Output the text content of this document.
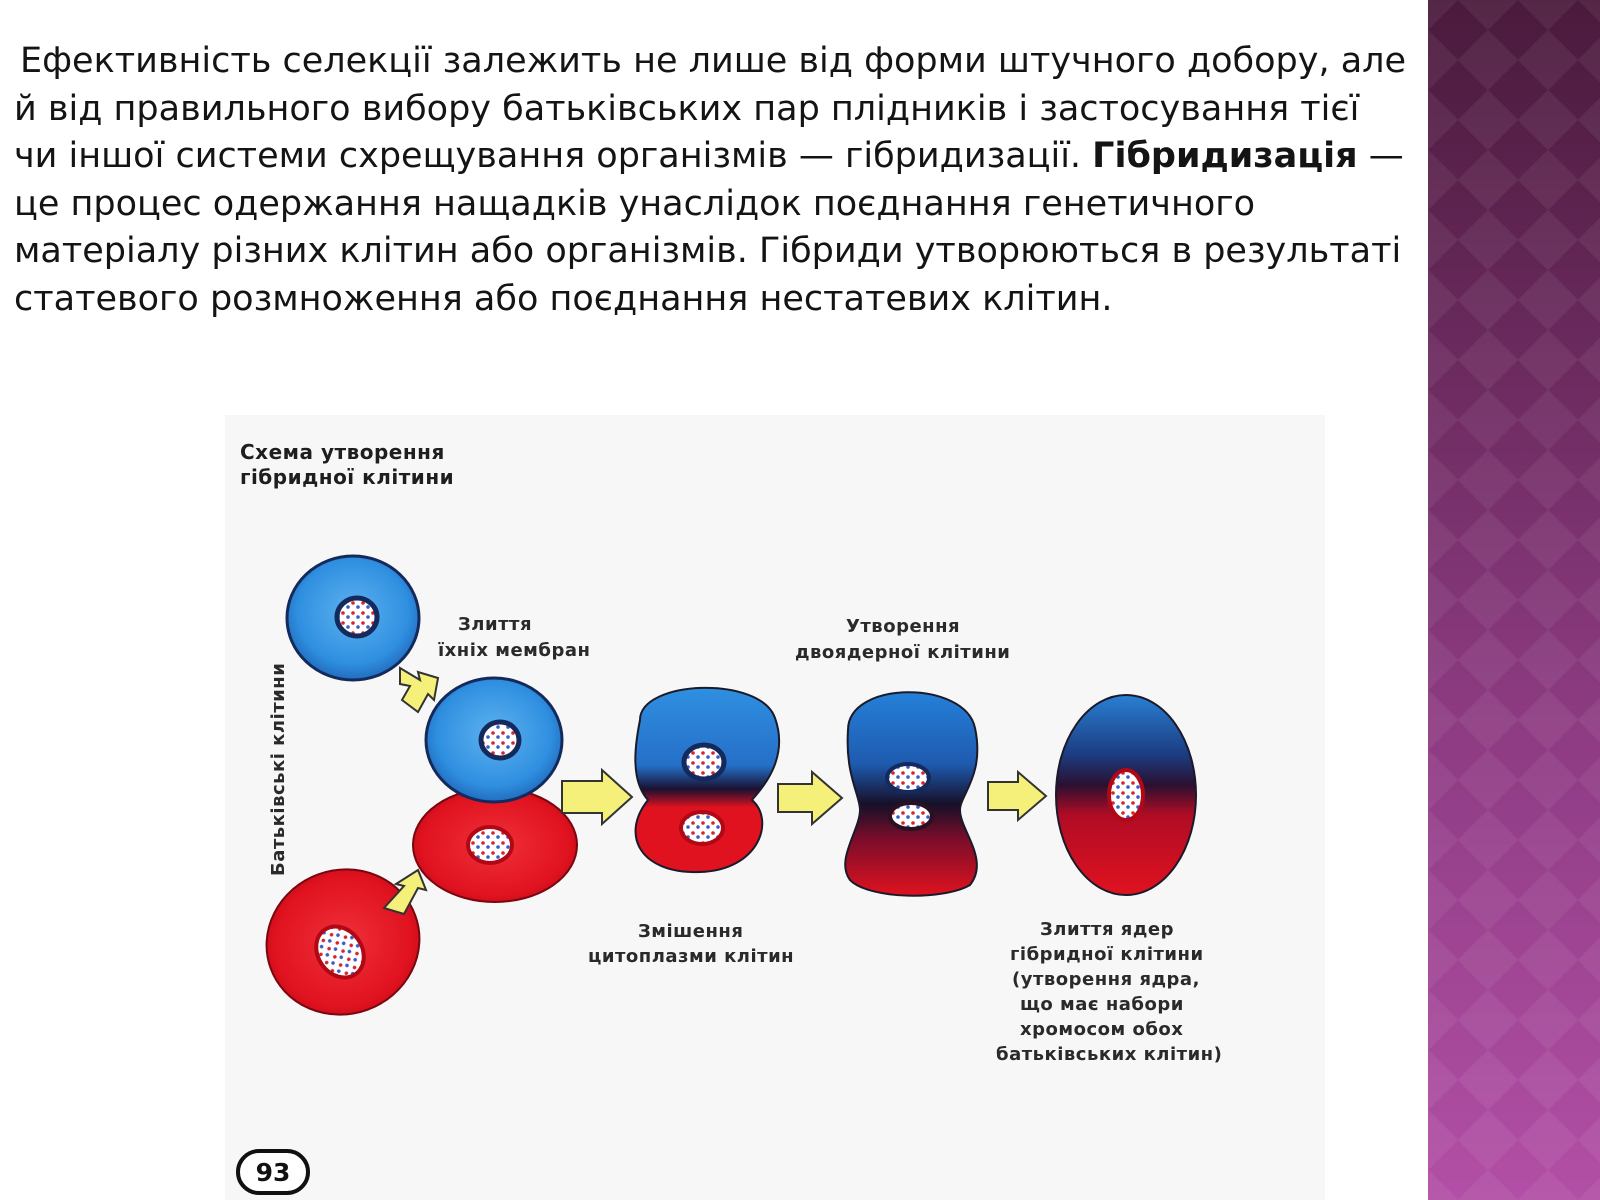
Ефективність селекції залежить не лише від форми штучного добору, але
й від правильного вибору батьківських пар плідників і застосування тієї
чи іншої системи схрещування організмів — гібридизації. Гібридизація —
це процес одержання нащадків унаслідок поєднання генетичного
матеріалу різних клітин або організмів. Гібриди утворюються в результаті
статевого розмноження або поєднання нестатевих клітин.
Схема утворення
гібридної клітини
Батьківські клітини
Злиття
їхніх мембран
Змішення
цитоплазми клітин
Утворення
двоядерної клітини
Злиття ядер
гібридної клітини
(утворення ядра,
що має набори
хромосом обох
батьківських клітин)
93
